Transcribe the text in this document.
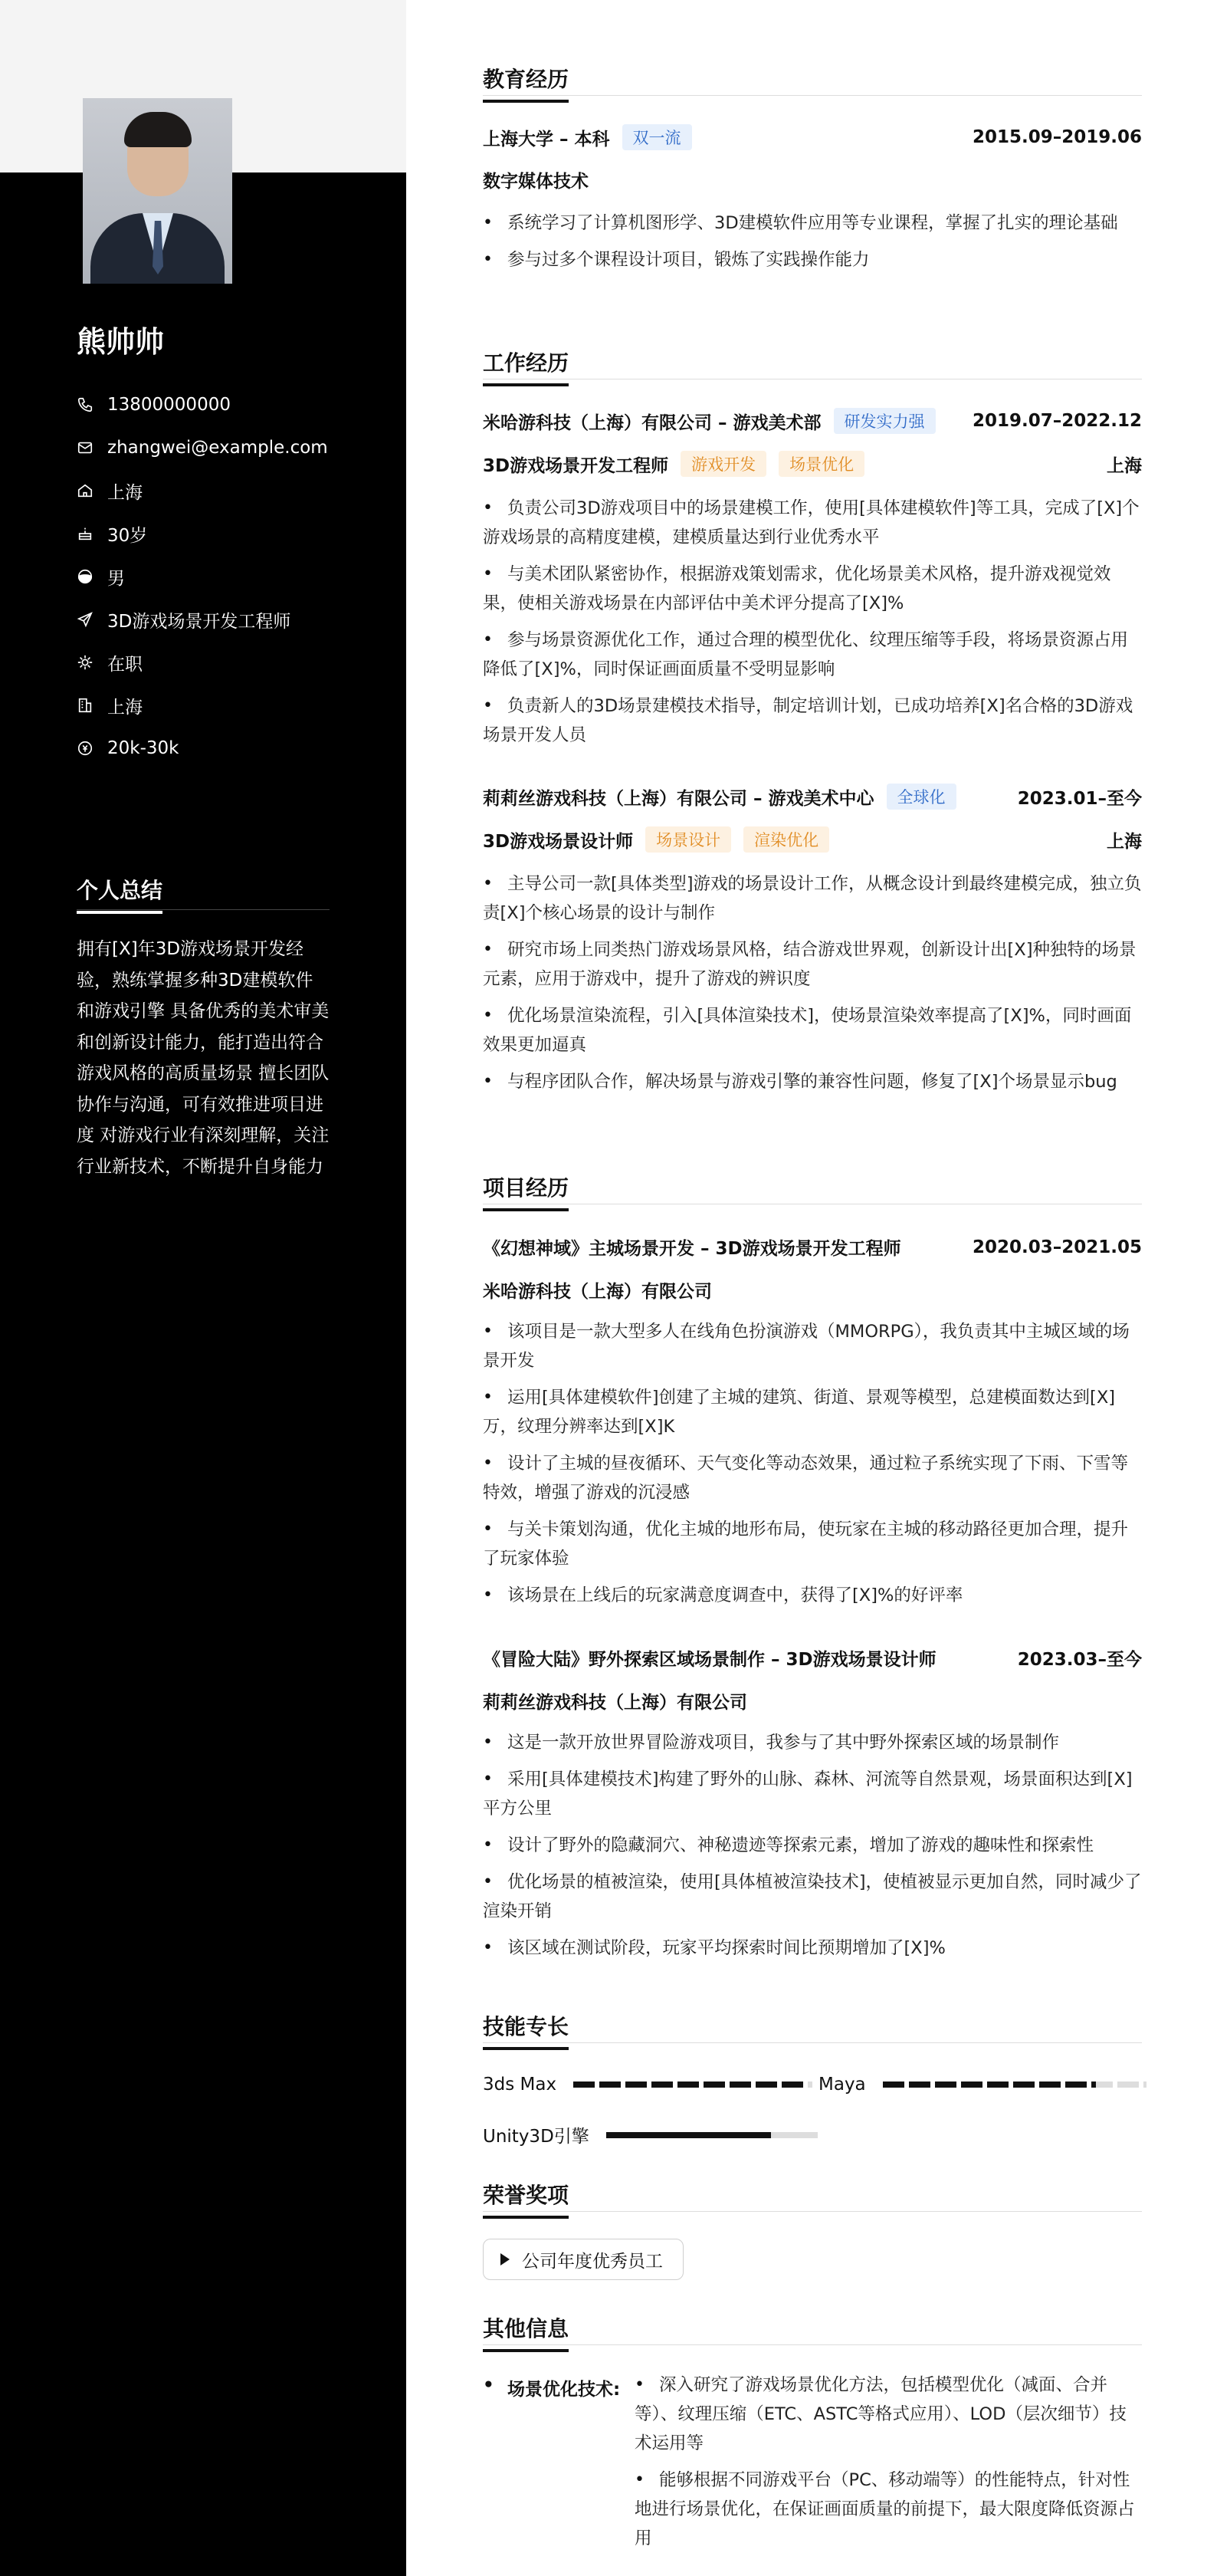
熊帅帅
13800000000
zhangwei@example.com
上海
30岁
男
3D游戏场景开发工程师
在职
上海
20k-30k
个人总结
拥有[X]年3D游戏场景开发经验，熟练掌握多种3D建模软件和游戏引擎 具备优秀的美术审美和创新设计能力，能打造出符合游戏风格的高质量场景 擅长团队协作与沟通，可有效推进项目进度 对游戏行业有深刻理解，关注行业新技术，不断提升自身能力
教育经历
上海大学 – 本科	双一流	2015.09–2019.06
数字媒体技术
• 系统学习了计算机图形学、3D建模软件应用等专业课程，掌握了扎实的理论基础
• 参与过多个课程设计项目，锻炼了实践操作能力
工作经历
米哈游科技（上海）有限公司 – 游戏美术部	研发实力强	2019.07–2022.12
3D游戏场景开发工程师	游戏开发	场景优化	上海
• 负责公司3D游戏项目中的场景建模工作，使用[具体建模软件]等工具，完成了[X]个游戏场景的高精度建模，建模质量达到行业优秀水平
• 与美术团队紧密协作，根据游戏策划需求，优化场景美术风格，提升游戏视觉效果，使相关游戏场景在内部评估中美术评分提高了[X]%
• 参与场景资源优化工作，通过合理的模型优化、纹理压缩等手段，将场景资源占用降低了[X]%，同时保证画面质量不受明显影响
• 负责新人的3D场景建模技术指导，制定培训计划，已成功培养[X]名合格的3D游戏场景开发人员
莉莉丝游戏科技（上海）有限公司 – 游戏美术中心	全球化	2023.01–至今
3D游戏场景设计师	场景设计	渲染优化	上海
• 主导公司一款[具体类型]游戏的场景设计工作，从概念设计到最终建模完成，独立负责[X]个核心场景的设计与制作
• 研究市场上同类热门游戏场景风格，结合游戏世界观，创新设计出[X]种独特的场景元素，应用于游戏中，提升了游戏的辨识度
• 优化场景渲染流程，引入[具体渲染技术]，使场景渲染效率提高了[X]%，同时画面效果更加逼真
• 与程序团队合作，解决场景与游戏引擎的兼容性问题，修复了[X]个场景显示bug
项目经历
《幻想神域》主城场景开发 – 3D游戏场景开发工程师	2020.03–2021.05
米哈游科技（上海）有限公司
• 该项目是一款大型多人在线角色扮演游戏（MMORPG），我负责其中主城区域的场景开发
• 运用[具体建模软件]创建了主城的建筑、街道、景观等模型，总建模面数达到[X]万，纹理分辨率达到[X]K
• 设计了主城的昼夜循环、天气变化等动态效果，通过粒子系统实现了下雨、下雪等特效，增强了游戏的沉浸感
• 与关卡策划沟通，优化主城的地形布局，使玩家在主城的移动路径更加合理，提升了玩家体验
• 该场景在上线后的玩家满意度调查中，获得了[X]%的好评率
《冒险大陆》野外探索区域场景制作 – 3D游戏场景设计师	2023.03–至今
莉莉丝游戏科技（上海）有限公司
• 这是一款开放世界冒险游戏项目，我参与了其中野外探索区域的场景制作
• 采用[具体建模技术]构建了野外的山脉、森林、河流等自然景观，场景面积达到[X]平方公里
• 设计了野外的隐藏洞穴、神秘遗迹等探索元素，增加了游戏的趣味性和探索性
• 优化场景的植被渲染，使用[具体植被渲染技术]，使植被显示更加自然，同时减少了渲染开销
• 该区域在测试阶段，玩家平均探索时间比预期增加了[X]%
技能专长
3ds Max	Maya
Unity3D引擎
荣誉奖项
公司年度优秀员工
其他信息
• 场景优化技术:
•	深入研究了游戏场景优化方法，包括模型优化（减面、合并等）、纹理压缩（ETC、ASTC等格式应用）、LOD（层次细节）技术运用等
• 能够根据不同游戏平台（PC、移动端等）的性能特点，针对性地进行场景优化，在保证画面质量的前提下，最大限度降低资源占用
